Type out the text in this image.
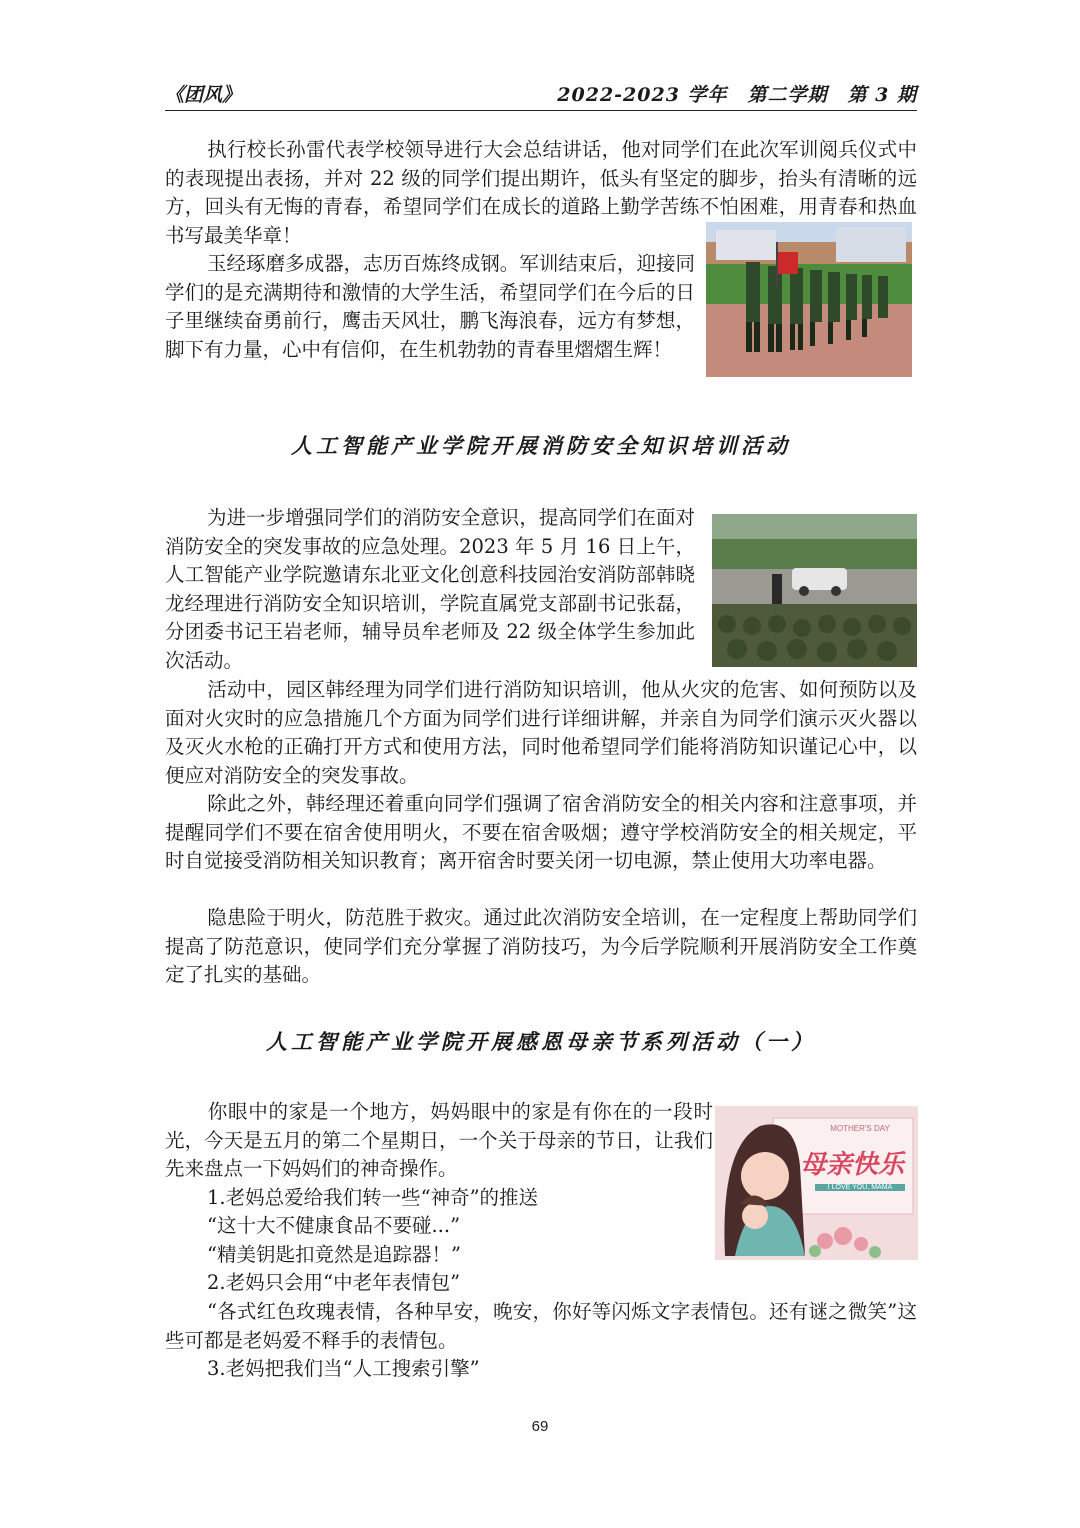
《团风》	2022-2023 学年　第二学期　第 3 期

执行校长孙雷代表学校领导进行大会总结讲话，他对同学们在此次军训阅兵仪式中的表现提出表扬，并对 22 级的同学们提出期许，低头有坚定的脚步，抬头有清晰的远方，回头有无悔的青春，希望同学们在成长的道路上勤学苦练不怕困难，用青春和热血书写最美华章！

玉经琢磨多成器，志历百炼终成钢。军训结束后，迎接同学们的是充满期待和激情的大学生活，希望同学们在今后的日子里继续奋勇前行，鹰击天风壮，鹏飞海浪春，远方有梦想，脚下有力量，心中有信仰，在生机勃勃的青春里熠熠生辉！

人工智能产业学院开展消防安全知识培训活动

为进一步增强同学们的消防安全意识，提高同学们在面对消防安全的突发事故的应急处理。2023 年 5 月 16 日上午，人工智能产业学院邀请东北亚文化创意科技园治安消防部韩晓龙经理进行消防安全知识培训，学院直属党支部副书记张磊，分团委书记王岩老师，辅导员牟老师及 22 级全体学生参加此次活动。

活动中，园区韩经理为同学们进行消防知识培训，他从火灾的危害、如何预防以及面对火灾时的应急措施几个方面为同学们进行详细讲解，并亲自为同学们演示灭火器以及灭火水枪的正确打开方式和使用方法，同时他希望同学们能将消防知识谨记心中，以便应对消防安全的突发事故。

除此之外，韩经理还着重向同学们强调了宿舍消防安全的相关内容和注意事项，并提醒同学们不要在宿舍使用明火，不要在宿舍吸烟；遵守学校消防安全的相关规定，平时自觉接受消防相关知识教育；离开宿舍时要关闭一切电源，禁止使用大功率电器。

隐患险于明火，防范胜于救灾。通过此次消防安全培训，在一定程度上帮助同学们提高了防范意识，使同学们充分掌握了消防技巧，为今后学院顺利开展消防安全工作奠定了扎实的基础。

人工智能产业学院开展感恩母亲节系列活动（一）

你眼中的家是一个地方，妈妈眼中的家是有你在的一段时光，今天是五月的第二个星期日，一个关于母亲的节日，让我们先来盘点一下妈妈们的神奇操作。

MOTHER'S DAY
母亲快乐
I LOVE YOU, MAMA

1.老妈总爱给我们转一些“神奇”的推送

“这十大不健康食品不要碰...”

“精美钥匙扣竟然是追踪器！”

2.老妈只会用“中老年表情包”

“各式红色玫瑰表情，各种早安，晚安，你好等闪烁文字表情包。还有谜之微笑”这些可都是老妈爱不释手的表情包。

3.老妈把我们当“人工搜索引擎”

69
